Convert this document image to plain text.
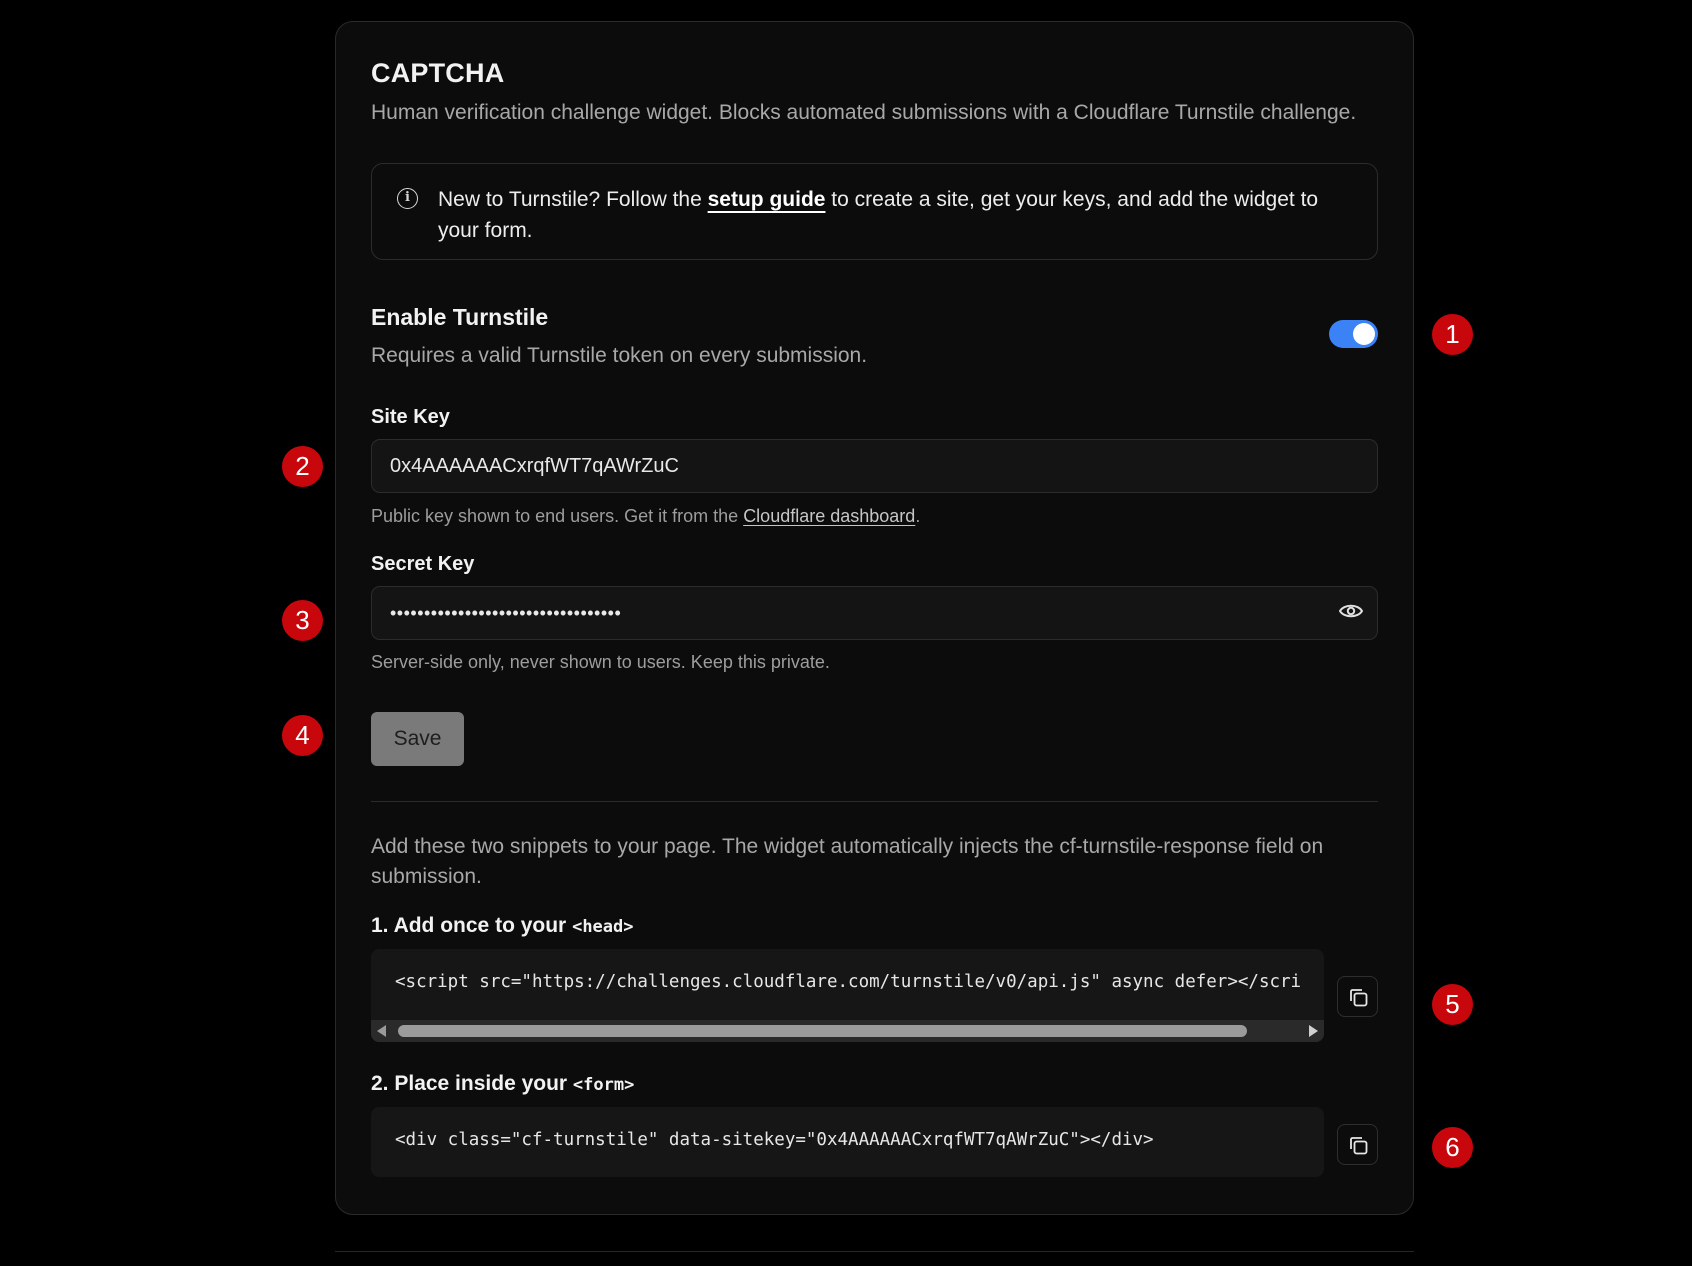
CAPTCHA
Human verification challenge widget. Blocks automated submissions with a Cloudflare Turnstile challenge.
i	New to Turnstile? Follow the setup guide to create a site, get your keys, and add the widget to your form.
Enable Turnstile
Requires a valid Turnstile token on every submission.
Site Key
0x4AAAAAACxrqfWT7qAWrZuC
Public key shown to end users. Get it from the Cloudflare dashboard.
Secret Key
••••••••••••••••••••••••••••••••••
Server-side only, never shown to users. Keep this private.
Save
Add these two snippets to your page. The widget automatically injects the cf-turnstile-response field on submission.
1. Add once to your <head>
<script src="https://challenges.cloudflare.com/turnstile/v0/api.js" async defer></scri
2. Place inside your <form>
<div class="cf-turnstile" data-sitekey="0x4AAAAAACxrqfWT7qAWrZuC"></div>
1
2
3
4
5
6
